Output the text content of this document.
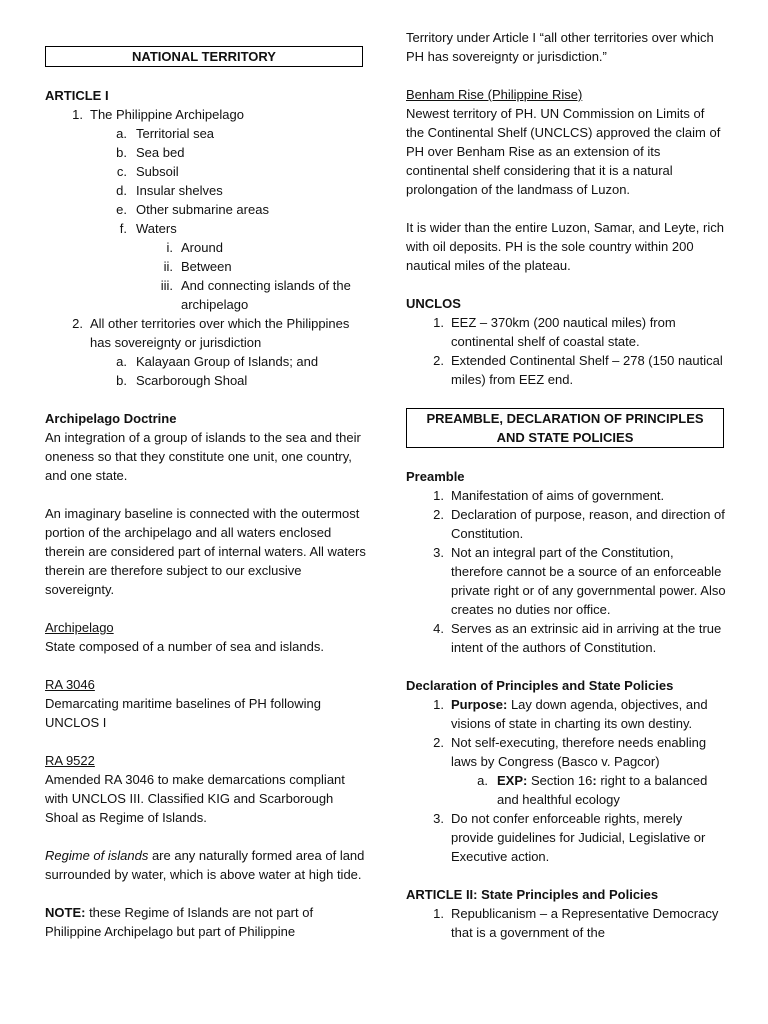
NATIONAL TERRITORY
ARTICLE I
1. The Philippine Archipelago
a. Territorial sea
b. Sea bed
c. Subsoil
d. Insular shelves
e. Other submarine areas
f. Waters
i. Around
ii. Between
iii. And connecting islands of the archipelago
2. All other territories over which the Philippines has sovereignty or jurisdiction
a. Kalayaan Group of Islands; and
b. Scarborough Shoal
Archipelago Doctrine

An integration of a group of islands to the sea and their oneness so that they constitute one unit, one country, and one state.

An imaginary baseline is connected with the outermost portion of the archipelago and all waters enclosed therein are considered part of internal waters. All waters therein are therefore subject to our exclusive sovereignty.

Archipelago

State composed of a number of sea and islands.

RA 3046

Demarcating maritime baselines of PH following UNCLOS I

RA 9522

Amended RA 3046 to make demarcations compliant with UNCLOS III. Classified KIG and Scarborough Shoal as Regime of Islands.

Regime of islands are any naturally formed area of land surrounded by water, which is above water at high tide.

NOTE: these Regime of Islands are not part of Philippine Archipelago but part of Philippine

Territory under Article I “all other territories over which PH has sovereignty or jurisdiction.”

Benham Rise (Philippine Rise)

Newest territory of PH. UN Commission on Limits of the Continental Shelf (UNCLCS) approved the claim of PH over Benham Rise as an extension of its continental shelf considering that it is a natural prolongation of the landmass of Luzon.

It is wider than the entire Luzon, Samar, and Leyte, rich with oil deposits. PH is the sole country within 200 nautical miles of the plateau.

UNCLOS
1. EEZ – 370km (200 nautical miles) from continental shelf of coastal state.
2. Extended Continental Shelf – 278 (150 nautical miles) from EEZ end.
PREAMBLE, DECLARATION OF PRINCIPLES AND STATE POLICIES
Preamble
1. Manifestation of aims of government.
2. Declaration of purpose, reason, and direction of Constitution.
3. Not an integral part of the Constitution, therefore cannot be a source of an enforceable private right or of any governmental power. Also creates no duties nor office.
4. Serves as an extrinsic aid in arriving at the true intent of the authors of Constitution.
Declaration of Principles and State Policies
1. Purpose: Lay down agenda, objectives, and visions of state in charting its own destiny.
2. Not self-executing, therefore needs enabling laws by Congress (Basco v. Pagcor)
a. EXP: Section 16: right to a balanced and healthful ecology
3. Do not confer enforceable rights, merely provide guidelines for Judicial, Legislative or Executive action.
ARTICLE II: State Principles and Policies
1. Republicanism – a Representative Democracy that is a government of the
